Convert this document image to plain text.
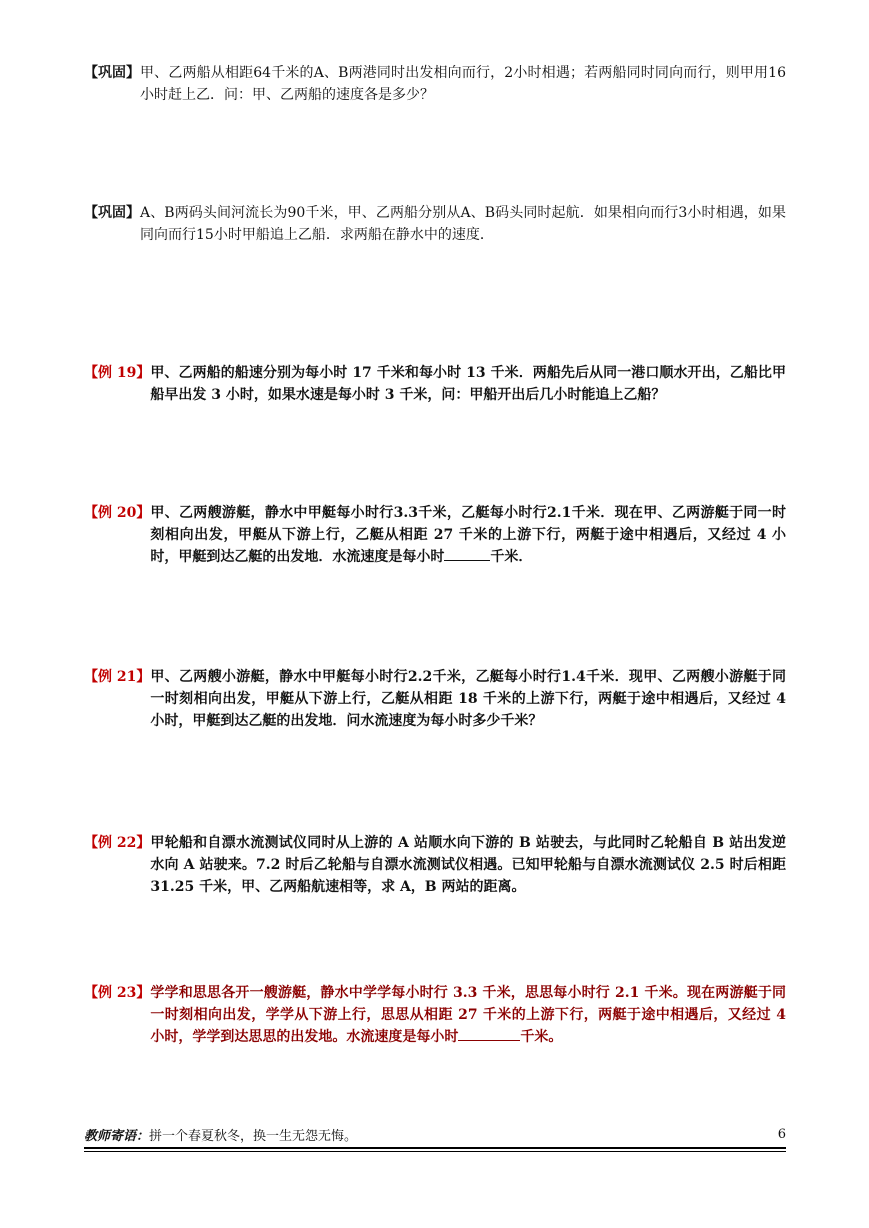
【巩固】 甲、乙两船从相距64千米的A、B两港同时出发相向而行，2小时相遇；若两船同时同向而行，则甲用16小时赶上乙．问：甲、乙两船的速度各是多少？
【巩固】 A、B两码头间河流长为90千米，甲、乙两船分别从A、B码头同时起航．如果相向而行3小时相遇，如果同向而行15小时甲船追上乙船．求两船在静水中的速度．
【例 19】 甲、乙两船的船速分别为每小时 17 千米和每小时 13 千米．两船先后从同一港口顺水开出，乙船比甲船早出发 3 小时，如果水速是每小时 3 千米，问：甲船开出后几小时能追上乙船？
【例 20】 甲、乙两艘游艇，静水中甲艇每小时行3.3千米，乙艇每小时行2.1千米．现在甲、乙两游艇于同一时刻相向出发，甲艇从下游上行，乙艇从相距 27 千米的上游下行，两艇于途中相遇后，又经过 4 小时，甲艇到达乙艇的出发地．水流速度是每小时	千米．
【例 21】 甲、乙两艘小游艇，静水中甲艇每小时行2.2千米，乙艇每小时行1.4千米．现甲、乙两艘小游艇于同一时刻相向出发，甲艇从下游上行，乙艇从相距 18 千米的上游下行，两艇于途中相遇后，又经过 4 小时，甲艇到达乙艇的出发地．问水流速度为每小时多少千米？
【例 22】 甲轮船和自漂水流测试仪同时从上游的 A 站顺水向下游的 B 站驶去，与此同时乙轮船自 B 站出发逆水向 A 站驶来。7.2 时后乙轮船与自漂水流测试仪相遇。已知甲轮船与自漂水流测试仪 2.5 时后相距 31.25 千米，甲、乙两船航速相等，求 A，B 两站的距离。
【例 23】 学学和思思各开一艘游艇，静水中学学每小时行 3.3 千米，思思每小时行 2.1 千米。现在两游艇于同一时刻相向出发，学学从下游上行，思思从相距 27 千米的上游下行，两艇于途中相遇后，又经过 4 小时，学学到达思思的出发地。水流速度是每小时	千米。
教师寄语：拼一个春夏秋冬，换一生无怨无悔。	6
